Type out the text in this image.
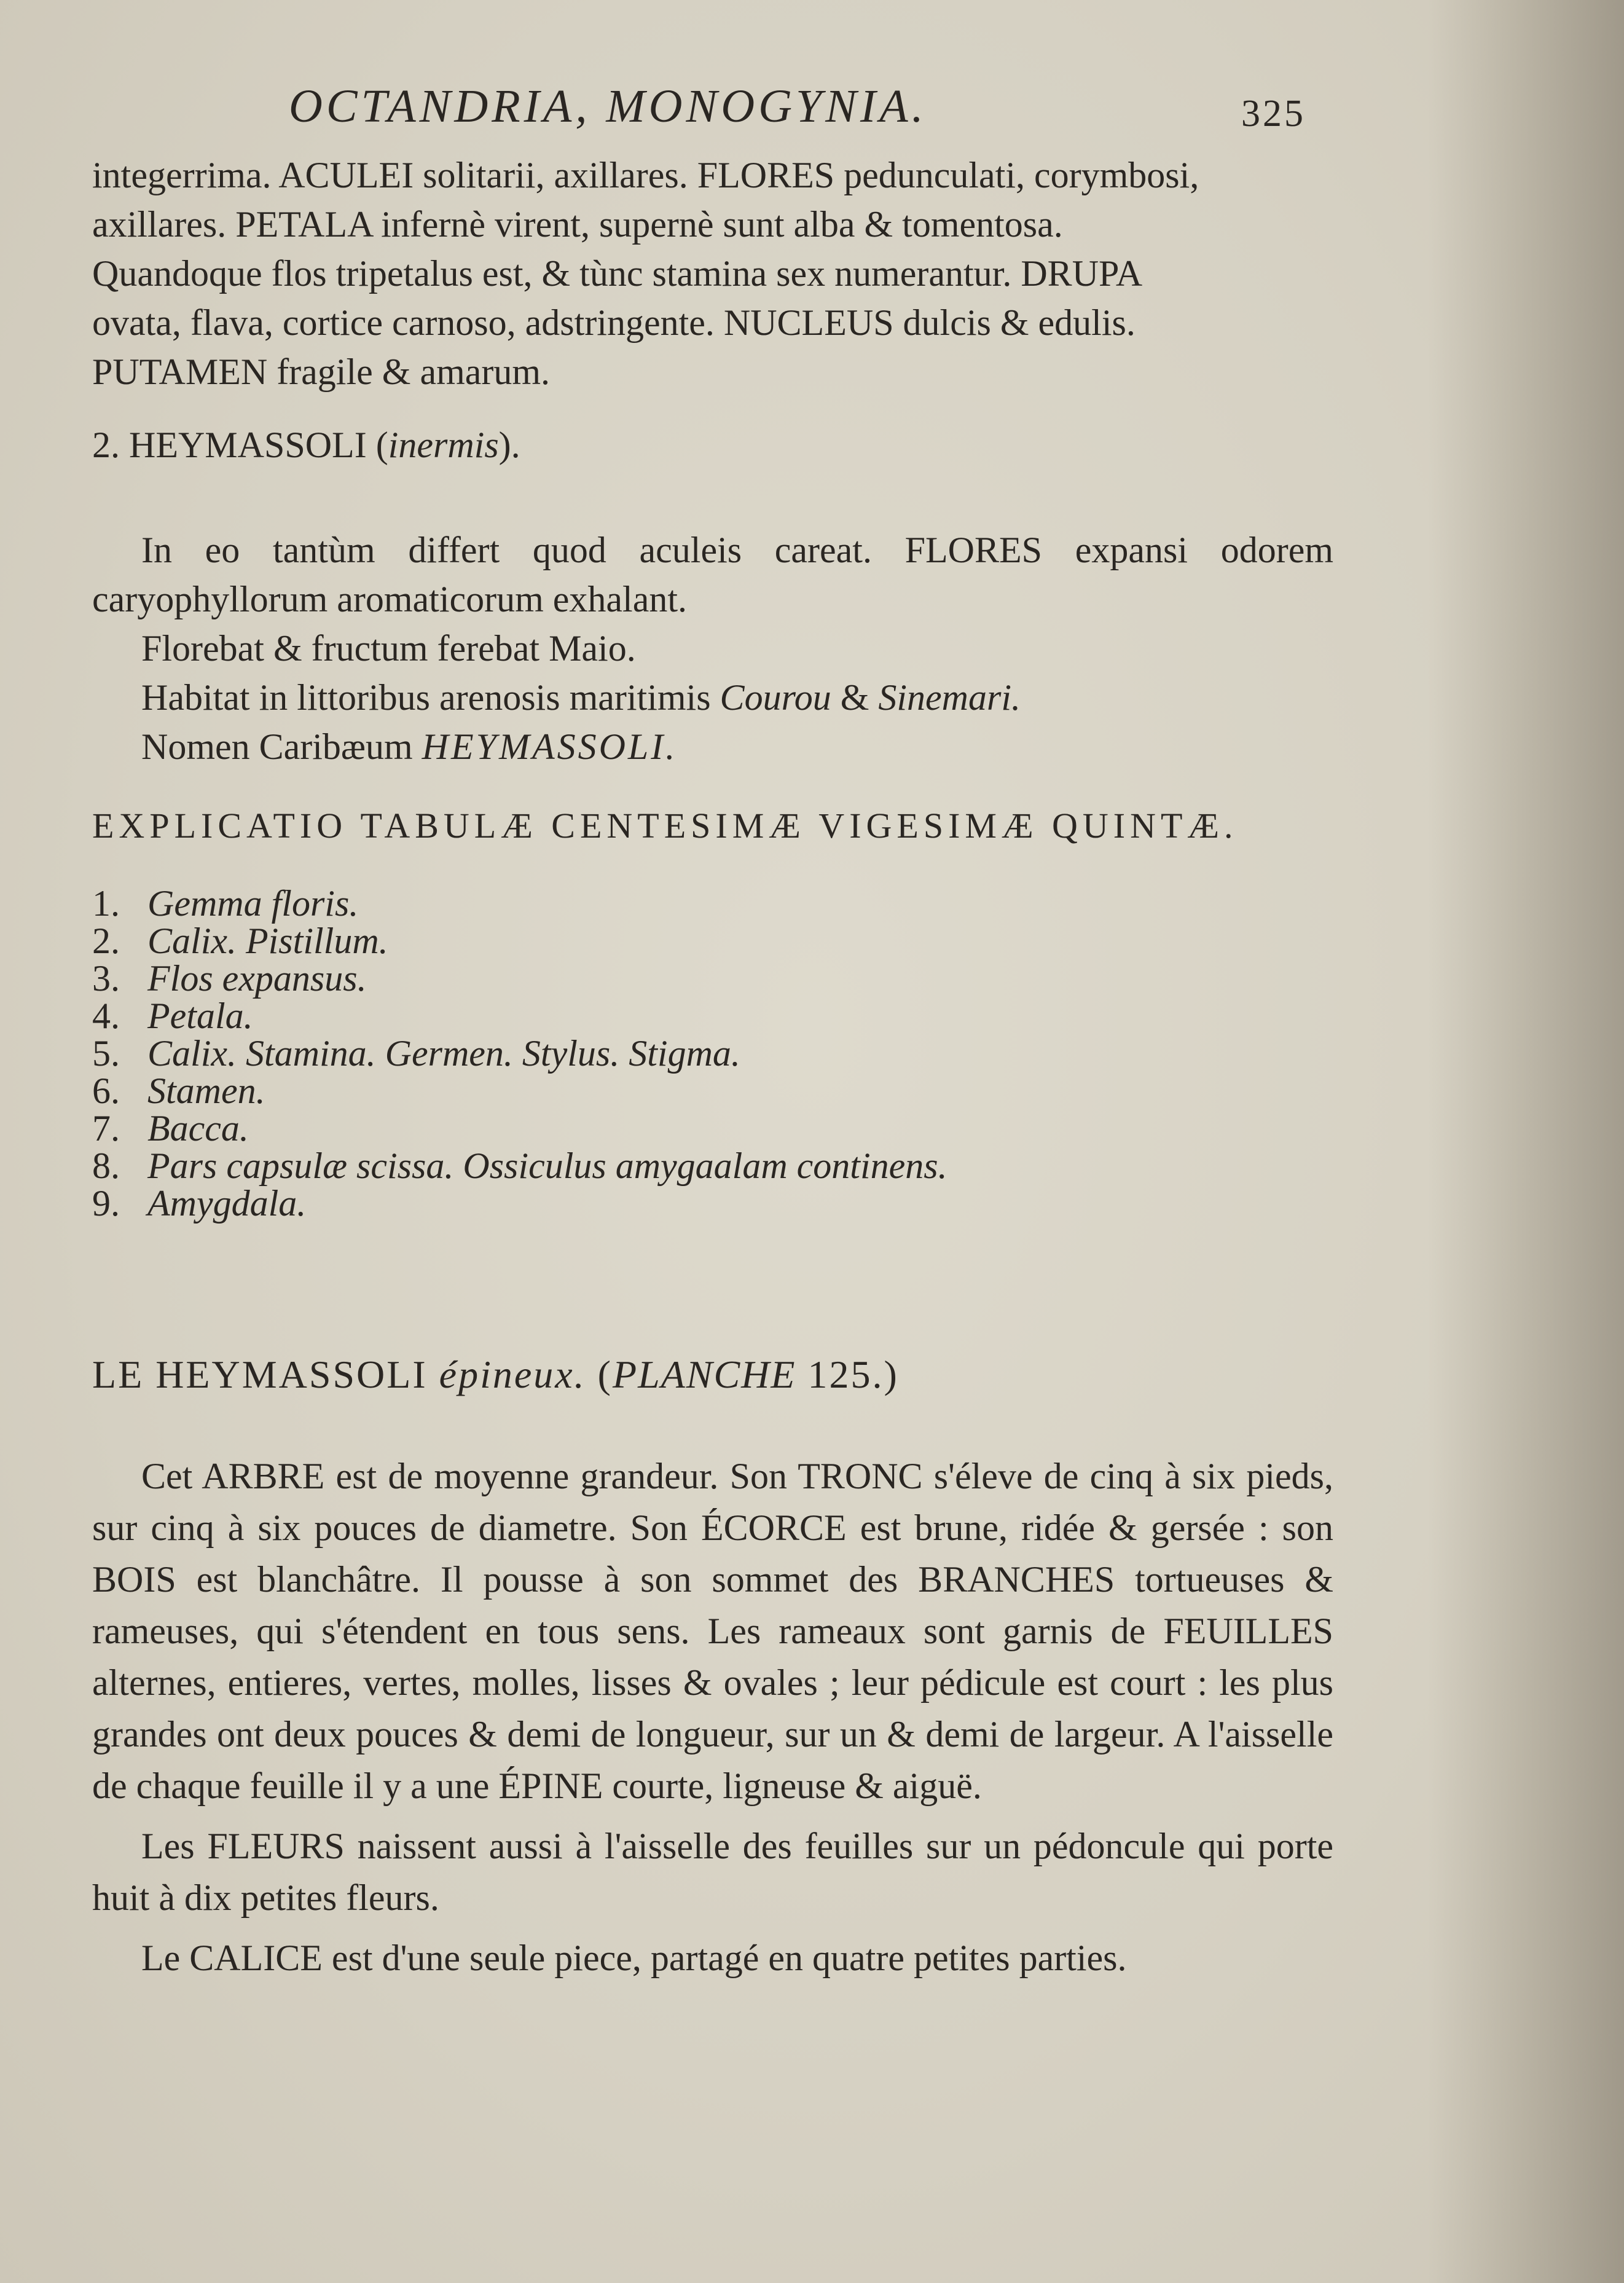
OCTANDRIA, MONOGYNIA.	325

integerrima. ACULEI solitarii, axillares. FLORES pedunculati, corymbosi,

axillares. PETALA infernè virent, supernè sunt alba & tomentosa.

Quandoque flos tripetalus est, & tùnc stamina sex numerantur. DRUPA

ovata, flava, cortice carnoso, adstringente. NUCLEUS dulcis & edulis.

PUTAMEN fragile & amarum.

2. HEYMASSOLI (inermis).

In eo tantùm differt quod aculeis careat. FLORES expansi odorem caryophyllorum aromaticorum exhalant.

Florebat & fructum ferebat Maio.

Habitat in littoribus arenosis maritimis Courou & Sinemari.

Nomen Caribæum HEYMASSOLI.

EXPLICATIO TABULÆ CENTESIMÆ VIGESIMÆ QUINTÆ.
1. Gemma floris.
2. Calix. Pistillum.
3. Flos expansus.
4. Petala.
5. Calix. Stamina. Germen. Stylus. Stigma.
6. Stamen.
7. Bacca.
8. Pars capsulæ scissa. Ossiculus amygaalam continens.
9. Amygdala.
LE HEYMASSOLI épineux. (PLANCHE 125.)

Cet ARBRE est de moyenne grandeur. Son TRONC s'éleve de cinq à six pieds, sur cinq à six pouces de diametre. Son ÉCORCE est brune, ridée & gersée : son BOIS est blanchâtre. Il pousse à son sommet des BRANCHES tortueuses & rameuses, qui s'étendent en tous sens. Les rameaux sont garnis de FEUILLES alternes, entieres, vertes, molles, lisses & ovales ; leur pédicule est court : les plus grandes ont deux pouces & demi de longueur, sur un & demi de largeur. A l'aisselle de chaque feuille il y a une ÉPINE courte, ligneuse & aiguë.

Les FLEURS naissent aussi à l'aisselle des feuilles sur un pédoncule qui porte huit à dix petites fleurs.

Le CALICE est d'une seule piece, partagé en quatre petites parties.
